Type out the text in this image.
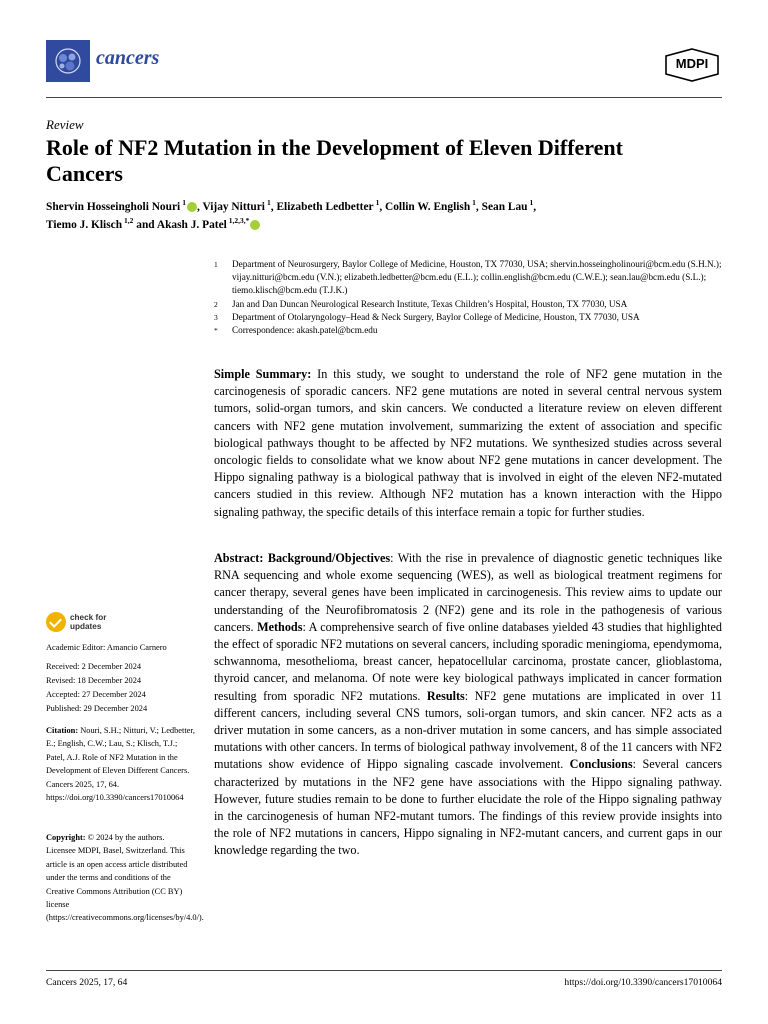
cancers	MDPI
Review
Role of NF2 Mutation in the Development of Eleven Different Cancers
Shervin Hosseingholi Nouri $^1$ , Vijay Nitturi $^1$, Elizabeth Ledbetter $^1$, Collin W. English $^1$, Sean Lau $^1$,
Tiemo J. Klisch $^{1,2}$ and Akash J. Patel $^{1,2,3,*}$
1	Department of Neurosurgery, Baylor College of Medicine, Houston, TX 77030, USA; shervin.hosseingholinouri@bcm.edu (S.H.N.); vijay.nitturi@bcm.edu (V.N.); elizabeth.ledbetter@bcm.edu (E.L.); collin.english@bcm.edu (C.W.E.); sean.lau@bcm.edu (S.L.); tiemo.klisch@bcm.edu (T.J.K.)
2	Jan and Dan Duncan Neurological Research Institute, Texas Children’s Hospital, Houston, TX 77030, USA
3	Department of Otolaryngology–Head & Neck Surgery, Baylor College of Medicine, Houston, TX 77030, USA
*	Correspondence: akash.patel@bcm.edu
Simple Summary: In this study, we sought to understand the role of NF2 gene mutation in the carcinogenesis of sporadic cancers. NF2 gene mutations are noted in several central nervous system tumors, solid-organ tumors, and skin cancers. We conducted a literature review on eleven different cancers with NF2 gene mutation involvement, summarizing the extent of association and specific biological pathways thought to be affected by NF2 mutations. We synthesized studies across several oncologic fields to consolidate what we know about NF2 gene mutations in cancer development. The Hippo signaling pathway is a biological pathway that is involved in eight of the eleven NF2-mutated cancers studied in this review. Although NF2 mutation has a known interaction with the Hippo signaling pathway, the specific details of this interface remain a topic for further studies.
Abstract: Background/Objectives: With the rise in prevalence of diagnostic genetic techniques like RNA sequencing and whole exome sequencing (WES), as well as biological treatment regimens for cancer therapy, several genes have been implicated in carcinogenesis. This review aims to update our understanding of the Neurofibromatosis 2 (NF2) gene and its role in the pathogenesis of various cancers. Methods: A comprehensive search of five online databases yielded 43 studies that highlighted the effect of sporadic NF2 mutations on several cancers, including sporadic meningioma, ependymoma, schwannoma, mesothelioma, breast cancer, hepatocellular carcinoma, prostate cancer, glioblastoma, thyroid cancer, and melanoma. Of note were key biological pathways implicated in cancer formation resulting from sporadic NF2 mutations. Results: NF2 gene mutations are implicated in over 11 different cancers, including several CNS tumors, soli-organ tumors, and skin cancer. NF2 acts as a driver mutation in some cancers, as a non-driver mutation in some cancers, and has simple associated mutations with other cancers. In terms of biological pathway involvement, 8 of the 11 cancers with NF2 mutations show evidence of Hippo signaling cascade involvement. Conclusions: Several cancers characterized by mutations in the NF2 gene have associations with the Hippo signaling pathway. However, future studies remain to be done to further elucidate the role of the Hippo signaling pathway in the carcinogenesis of human NF2-mutant tumors. The findings of this review provide insights into the role of NF2 mutations in cancers, Hippo signaling in NF2-mutant cancers, and current gaps in our knowledge regarding the two.
check for
updates
Academic Editor: Amancio Carnero
Received: 2 December 2024
Revised: 18 December 2024
Accepted: 27 December 2024
Published: 29 December 2024
Citation: Nouri, S.H.; Nitturi, V.; Ledbetter, E.; English, C.W.; Lau, S.; Klisch, T.J.; Patel, A.J. Role of NF2 Mutation in the Development of Eleven Different Cancers. Cancers 2025, 17, 64. https://doi.org/10.3390/cancers17010064
Copyright: © 2024 by the authors. Licensee MDPI, Basel, Switzerland. This article is an open access article distributed under the terms and conditions of the Creative Commons Attribution (CC BY) license (https://creativecommons.org/licenses/by/4.0/).
Cancers 2025, 17, 64	https://doi.org/10.3390/cancers17010064
